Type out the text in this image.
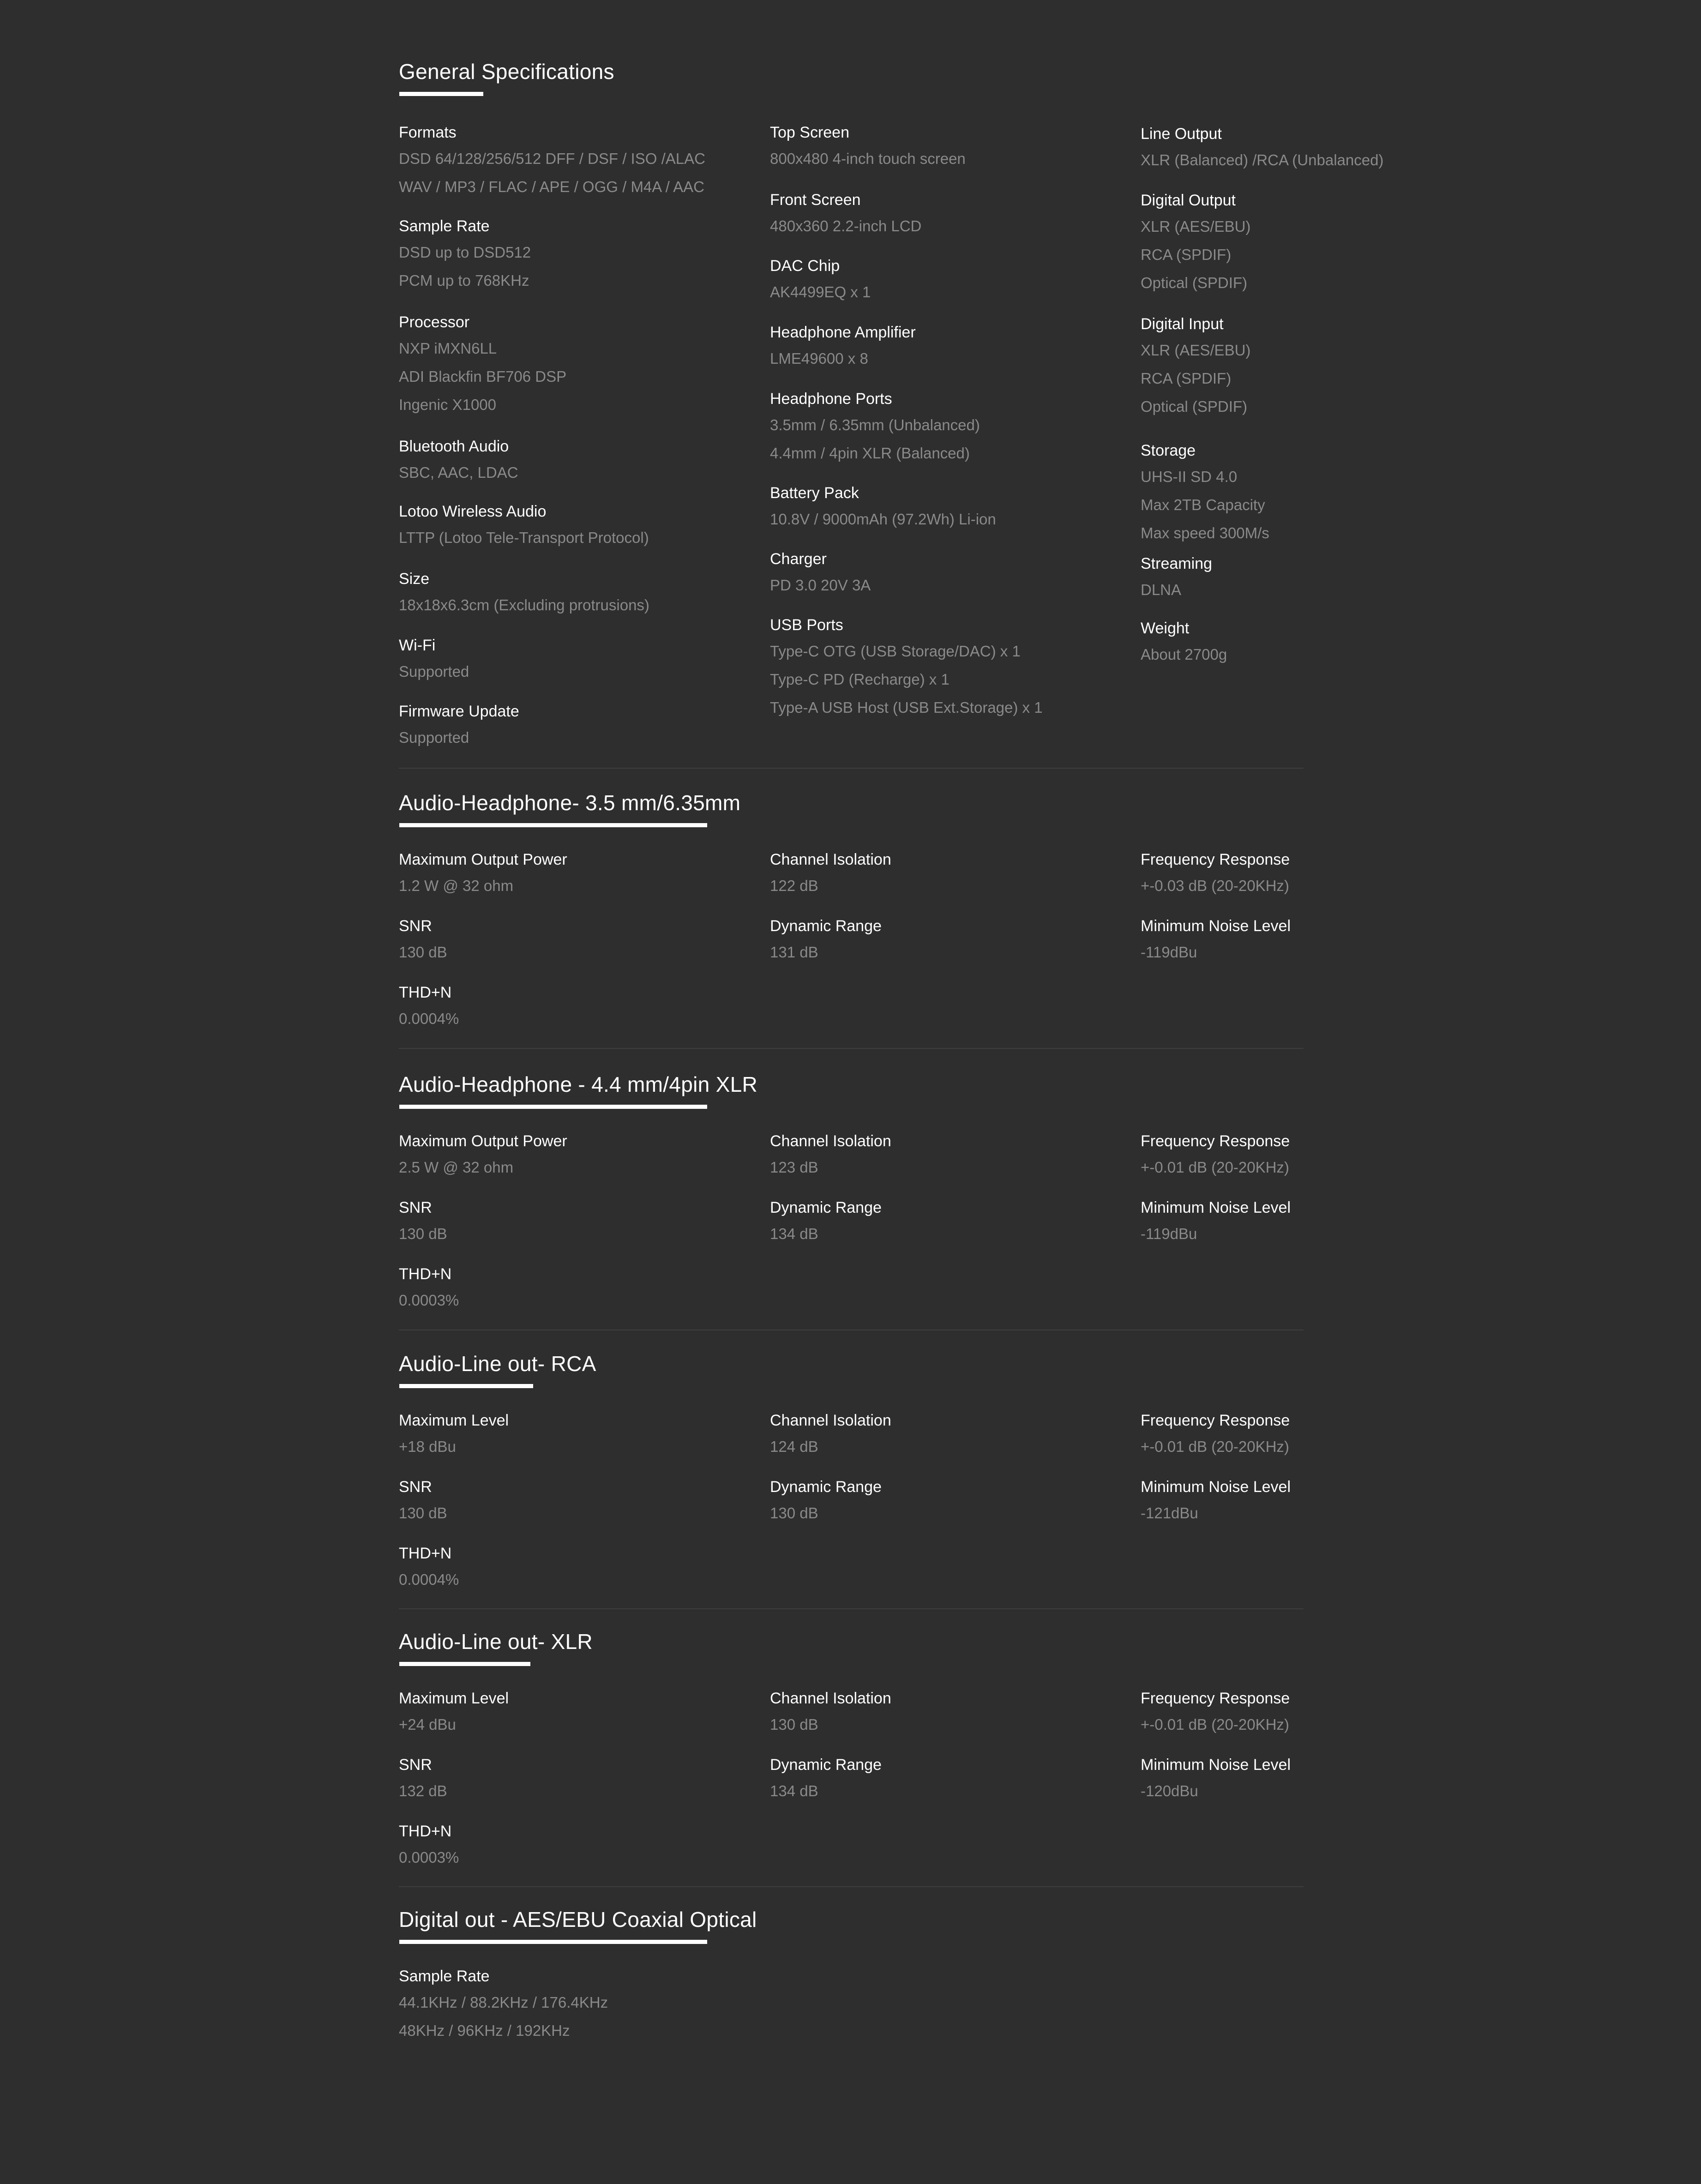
General Specifications
Formats
DSD 64/128/256/512 DFF / DSF / ISO /ALAC
WAV / MP3 / FLAC / APE / OGG / M4A / AAC
Sample Rate
DSD up to DSD512
PCM up to 768KHz
Processor
NXP iMXN6LL
ADI Blackfin BF706 DSP
Ingenic X1000
Bluetooth Audio
SBC, AAC, LDAC
Lotoo Wireless Audio
LTTP (Lotoo Tele-Transport Protocol)
Size
18x18x6.3cm (Excluding protrusions)
Wi-Fi
Supported
Firmware Update
Supported
Top Screen
800x480 4-inch touch screen
Front Screen
480x360 2.2-inch LCD
DAC Chip
AK4499EQ x 1
Headphone Amplifier
LME49600 x 8
Headphone Ports
3.5mm / 6.35mm (Unbalanced)
4.4mm / 4pin XLR (Balanced)
Battery Pack
10.8V / 9000mAh (97.2Wh) Li-ion
Charger
PD 3.0 20V 3A
USB Ports
Type-C OTG (USB Storage/DAC) x 1
Type-C PD (Recharge) x 1
Type-A USB Host (USB Ext.Storage) x 1
Line Output
XLR (Balanced) /RCA (Unbalanced)
Digital Output
XLR (AES/EBU)
RCA (SPDIF)
Optical (SPDIF)
Digital Input
XLR (AES/EBU)
RCA (SPDIF)
Optical (SPDIF)
Storage
UHS-II SD 4.0
Max 2TB Capacity
Max speed 300M/s
Streaming
DLNA
Weight
About 2700g
Audio-Headphone- 3.5 mm/6.35mm
Maximum Output Power
1.2 W @ 32 ohm
SNR
130 dB
THD+N
0.0004%
Channel Isolation
122 dB
Dynamic Range
131 dB
Frequency Response
+-0.03 dB (20-20KHz)
Minimum Noise Level
-119dBu
Audio-Headphone - 4.4 mm/4pin XLR
Maximum Output Power
2.5 W @ 32 ohm
SNR
130 dB
THD+N
0.0003%
Channel Isolation
123 dB
Dynamic Range
134 dB
Frequency Response
+-0.01 dB (20-20KHz)
Minimum Noise Level
-119dBu
Audio-Line out- RCA
Maximum Level
+18 dBu
SNR
130 dB
THD+N
0.0004%
Channel Isolation
124 dB
Dynamic Range
130 dB
Frequency Response
+-0.01 dB (20-20KHz)
Minimum Noise Level
-121dBu
Audio-Line out- XLR
Maximum Level
+24 dBu
SNR
132 dB
THD+N
0.0003%
Channel Isolation
130 dB
Dynamic Range
134 dB
Frequency Response
+-0.01 dB (20-20KHz)
Minimum Noise Level
-120dBu
Digital out - AES/EBU Coaxial Optical
Sample Rate
44.1KHz / 88.2KHz / 176.4KHz
48KHz / 96KHz / 192KHz
